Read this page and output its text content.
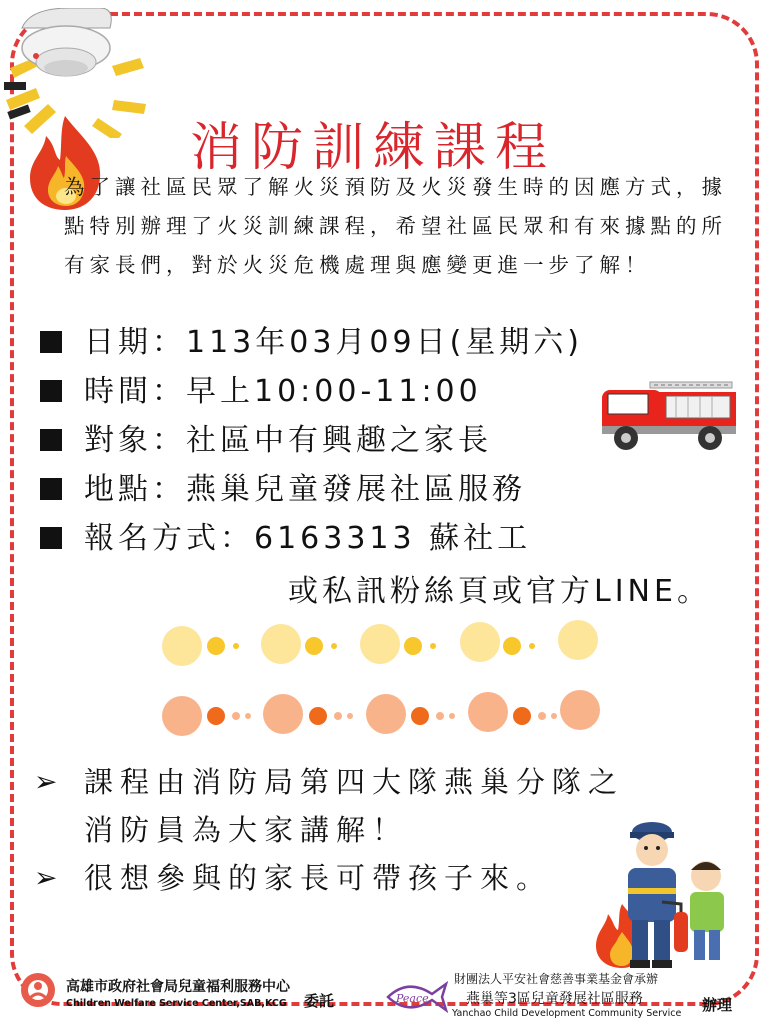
消防訓練課程

為了讓社區民眾了解火災預防及火災發生時的因應方式，據點特別辦理了火災訓練課程，希望社區民眾和有來據點的所有家長們，對於火災危機處理與應變更進一步了解！

日期：113年03月09日(星期六)
時間：早上10:00-11:00
對象：社區中有興趣之家長
地點：燕巢兒童發展社區服務
報名方式：6163313 蘇社工
或私訊粉絲頁或官方LINE。
➢ 課程由消防局第四大隊燕巢分隊之消防員為大家講解！
➢ 很想參與的家長可帶孩子來。
高雄市政府社會局兒童福利服務中心
Children Welfare Service Center,SAB,KCG 委託	Peace
財團法人平安社會慈善事業基金會承辦
燕巢等3區兒童發展社區服務
Yanchao Child Development Community Service 辦理
